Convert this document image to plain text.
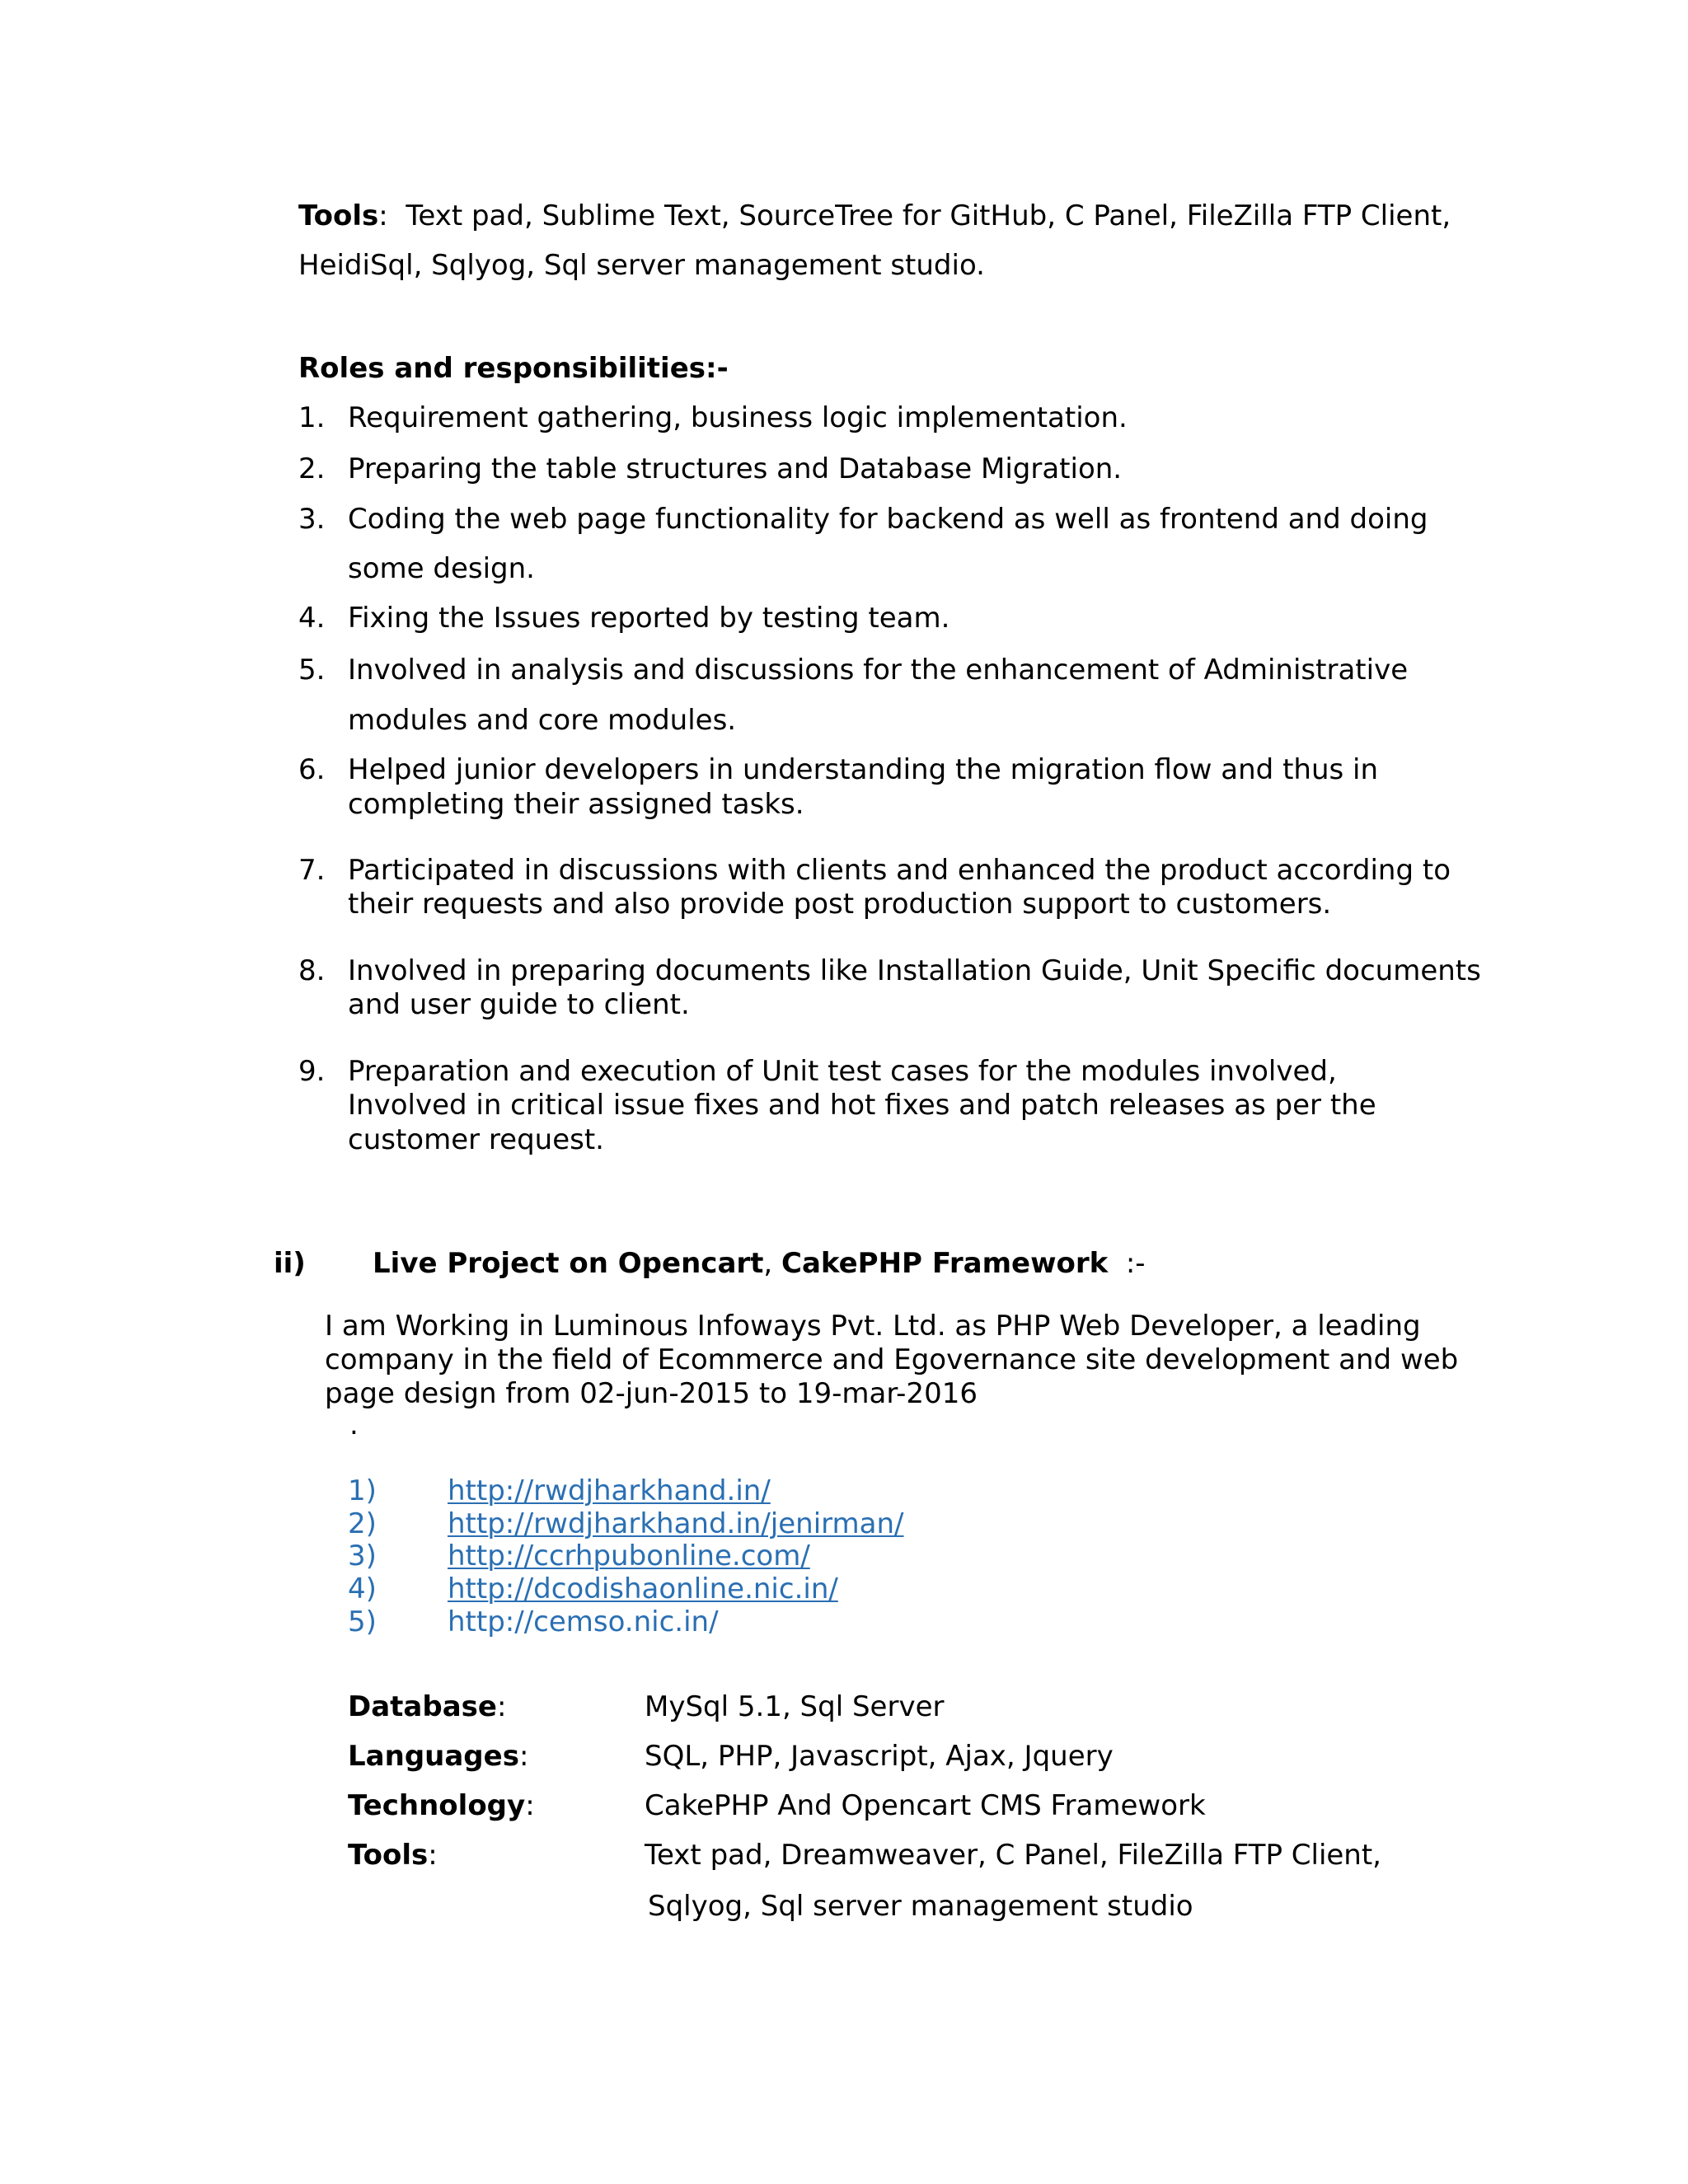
Tools: Text pad, Sublime Text, SourceTree for GitHub, C Panel, FileZilla FTP Client,
HeidiSql, Sqlyog, Sql server management studio.
Roles and responsibilities:-
1. Requirement gathering, business logic implementation.
2. Preparing the table structures and Database Migration.
3. Coding the web page functionality for backend as well as frontend and doing
some design.
4. Fixing the Issues reported by testing team.
5. Involved in analysis and discussions for the enhancement of Administrative
modules and core modules.
6. Helped junior developers in understanding the migration flow and thus in
completing their assigned tasks.
7. Participated in discussions with clients and enhanced the product according to
their requests and also provide post production support to customers.
8. Involved in preparing documents like Installation Guide, Unit Specific documents
and user guide to client.
9. Preparation and execution of Unit test cases for the modules involved,
Involved in critical issue fixes and hot fixes and patch releases as per the
customer request.
ii) Live Project on Opencart, CakePHP Framework :-
I am Working in Luminous Infoways Pvt. Ltd. as PHP Web Developer, a leading
company in the field of Ecommerce and Egovernance site development and web
page design from 02-jun-2015 to 19-mar-2016
.
1)	http://rwdjharkhand.in/
2)	http://rwdjharkhand.in/jenirman/
3)	http://ccrhpubonline.com/
4)	http://dcodishaonline.nic.in/
5)	http://cemso.nic.in/
Database:	MySql 5.1, Sql Server
Languages:	SQL, PHP, Javascript, Ajax, Jquery
Technology:	CakePHP And Opencart CMS Framework
Tools:	Text pad, Dreamweaver, C Panel, FileZilla FTP Client,
Sqlyog, Sql server management studio
